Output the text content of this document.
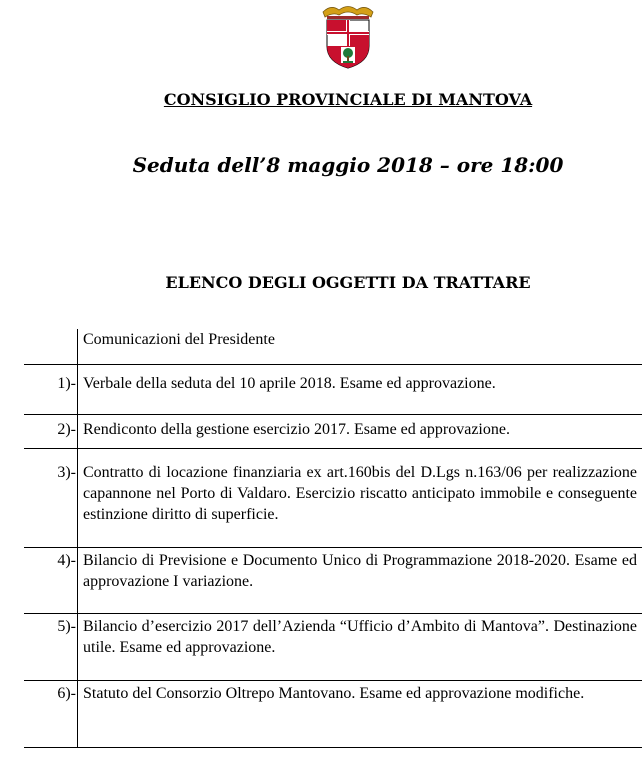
CONSIGLIO PROVINCIALE DI MANTOVA
Seduta dell’8 maggio 2018 – ore 18:00
ELENCO DEGLI OGGETTI DA TRATTARE
Comunicazioni del Presidente
1)- Verbale della seduta del 10 aprile 2018. Esame ed approvazione.
2)- Rendiconto della gestione esercizio 2017. Esame ed approvazione.
3)- Contratto di locazione finanziaria ex art.160bis del D.Lgs n.163/06 per realizzazione capannone nel Porto di Valdaro. Esercizio riscatto anticipato immobile e conseguente estinzione diritto di superficie.
4)- Bilancio di Previsione e Documento Unico di Programmazione 2018-2020. Esame ed approvazione I variazione.
5)- Bilancio d’esercizio 2017 dell’Azienda “Ufficio d’Ambito di Mantova”. Destinazione utile. Esame ed approvazione.
6)- Statuto del Consorzio Oltrepo Mantovano. Esame ed approvazione modifiche.
